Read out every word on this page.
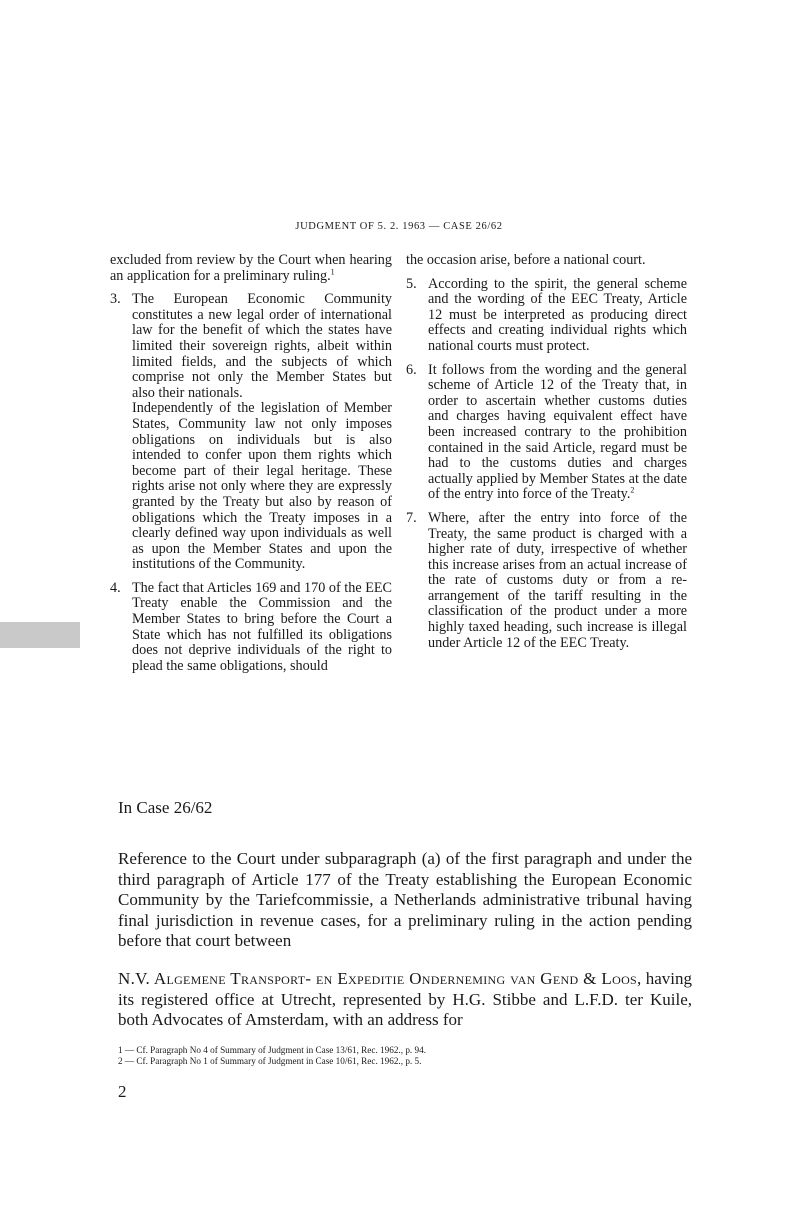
JUDGMENT OF 5. 2. 1963 — CASE 26/62

excluded from review by the Court when hearing an application for a preliminary ruling.$^1$

3. The European Economic Community constitutes a new legal order of international law for the benefit of which the states have limited their sovereign rights, albeit within limited fields, and the subjects of which comprise not only the Member States but also their nationals.
Independently of the legislation of Member States, Community law not only imposes obligations on individuals but is also intended to confer upon them rights which become part of their legal heritage. These rights arise not only where they are expressly granted by the Treaty but also by reason of obligations which the Treaty imposes in a clearly defined way upon individuals as well as upon the Member States and upon the institutions of the Community.
4. The fact that Articles 169 and 170 of the EEC Treaty enable the Commission and the Member States to bring before the Court a State which has not fulfilled its obligations does not deprive individuals of the right to plead the same obligations, should

the occasion arise, before a national court.

5. According to the spirit, the general scheme and the wording of the EEC Treaty, Article 12 must be interpreted as producing direct effects and creating individual rights which national courts must protect.
6. It follows from the wording and the general scheme of Article 12 of the Treaty that, in order to ascertain whether customs duties and charges having equivalent effect have been increased contrary to the prohibition contained in the said Article, regard must be had to the customs duties and charges actually applied by Member States at the date of the entry into force of the Treaty.$^2$
7. Where, after the entry into force of the Treaty, the same product is charged with a higher rate of duty, irrespective of whether this increase arises from an actual increase of the rate of customs duty or from a rearrangement of the tariff resulting in the classification of the product under a more highly taxed heading, such increase is illegal under Article 12 of the EEC Treaty.
In Case 26/62
Reference to the Court under subparagraph (a) of the first paragraph and under the third paragraph of Article 177 of the Treaty establishing the European Economic Community by the Tariefcommissie, a Netherlands administrative tribunal having final jurisdiction in revenue cases, for a preliminary ruling in the action pending before that court between
N.V. Algemene Transport- en Expeditie Onderneming van Gend & Loos, having its registered office at Utrecht, represented by H.G. Stibbe and L.F.D. ter Kuile, both Advocates of Amsterdam, with an address for
1 — Cf. Paragraph No 4 of Summary of Judgment in Case 13/61, Rec. 1962., p. 94.
2 — Cf. Paragraph No 1 of Summary of Judgment in Case 10/61, Rec. 1962., p. 5.
2
